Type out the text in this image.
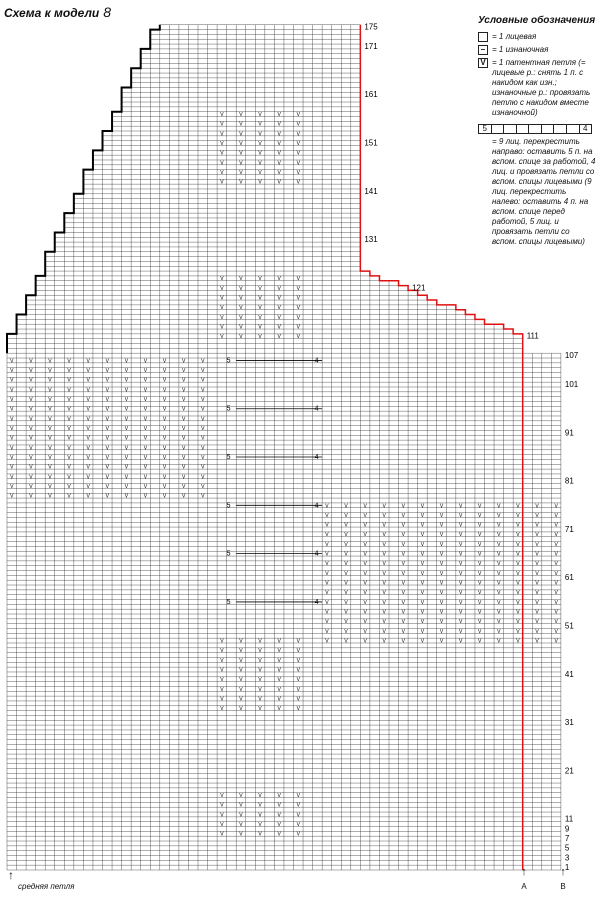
Схема к модели 8
V	V	V	V	V	V	V	V	V	V	V
V	V	V	V	V	V	V	V	V	V	V
V	V	V	V	V	V	V	V	V	V	V
V	V	V	V	V	V	V	V	V	V	V
V	V	V	V	V	V	V	V	V	V	V
V	V	V	V	V	V	V	V	V	V	V
V	V	V	V	V	V	V	V	V	V	V
V	V	V	V	V	V	V	V	V	V	V
V	V	V	V	V	V	V	V	V	V	V
V	V	V	V	V	V	V	V	V	V	V
V	V	V	V	V	V	V	V	V	V	V
V	V	V	V	V	V	V	V	V	V	V
V	V	V	V	V	V	V	V	V	V	V
V	V	V	V	V	V	V	V	V	V	V
V	V	V	V	V	V	V	V	V	V	V
V	V	V	V	V
V	V	V	V	V
V	V	V	V	V
V	V	V	V	V
V	V	V	V	V
V	V	V	V	V
V	V	V	V	V
V	V	V	V	V
V	V	V	V	V
V	V	V	V	V
V	V	V	V	V
V	V	V	V	V
V	V	V	V	V
V	V	V	V	V
V	V	V	V	V
V	V	V	V	V
V	V	V	V	V
V	V	V	V	V
V	V	V	V	V
V	V	V	V	V
V	V	V	V	V
V	V	V	V	V
V	V	V	V	V
V	V	V	V	V
V	V	V	V	V
V	V	V	V	V
V	V	V	V	V
V	V	V	V	V
V	V	V	V	V	V	V	V	V	V	V	V	V
V	V	V	V	V	V	V	V	V	V	V	V	V
V	V	V	V	V	V	V	V	V	V	V	V	V
V	V	V	V	V	V	V	V	V	V	V	V	V
V	V	V	V	V	V	V	V	V	V	V	V	V
V	V	V	V	V	V	V	V	V	V	V	V	V
V	V	V	V	V	V	V	V	V	V	V	V	V
V	V	V	V	V	V	V	V	V	V	V	V	V
V	V	V	V	V	V	V	V	V	V	V	V	V
V	V	V	V	V	V	V	V	V	V	V	V	V
V	V	V	V	V	V	V	V	V	V	V	V	V
V	V	V	V	V	V	V	V	V	V	V	V	V
V	V	V	V	V	V	V	V	V	V	V	V	V
V	V	V	V	V	V	V	V	V	V	V	V	V
V	V	V	V	V	V	V	V	V	V	V	V	V
5	4
5	4
5	4
5	4
5	4
5	4
175
171
161
151
141
131
121
111
107
101
91
81
71
61
51
41
31
21
11
9
7
5
3
1
Условные обозначения
= 1 лицевая
– = 1 изнаночная
V = 1 патентная петля (= лицевые р.: снять 1 п. с накидом как изн.; изнаночные р.: провязать петлю с накидом вместе изнаночной)
5	4
= 9 лиц. перекрестить направо: оставить 5 п. на вспом. спице за работой, 4 лиц. и провязать петли со вспом. спицы лицевыми (9 лиц. перекрестить налево: оставить 4 п. на вспом. спице перед работой, 5 лиц. и провязать петли со вспом. спицы лицевыми)
↑
средняя петля
↑
A
↑
B
